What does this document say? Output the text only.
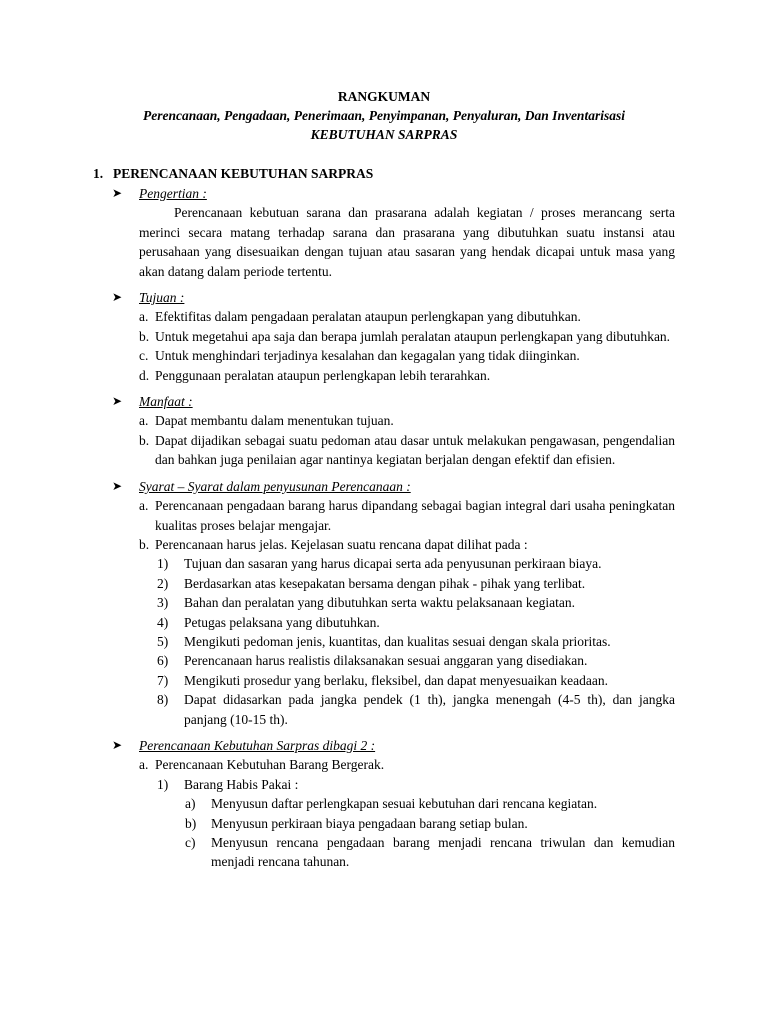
RANGKUMAN
Perencanaan, Pengadaan, Penerimaan, Penyimpanan, Penyaluran, Dan Inventarisasi
KEBUTUHAN SARPRAS
1. PERENCANAAN KEBUTUHAN SARPRAS
➤	Pengertian :
Perencanaan kebutuan sarana dan prasarana adalah kegiatan / proses merancang serta merinci secara matang terhadap sarana dan prasarana yang dibutuhkan suatu instansi atau perusahaan yang disesuaikan dengan tujuan atau sasaran yang hendak dicapai untuk masa yang akan datang dalam periode tertentu.
➤	Tujuan :
a. Efektifitas dalam pengadaan peralatan ataupun perlengkapan yang dibutuhkan.
b. Untuk megetahui apa saja dan berapa jumlah peralatan ataupun perlengkapan yang dibutuhkan.
c. Untuk menghindari terjadinya kesalahan dan kegagalan yang tidak diinginkan.
d. Penggunaan peralatan ataupun perlengkapan lebih terarahkan.
➤	Manfaat :
a. Dapat membantu dalam menentukan tujuan.
b. Dapat dijadikan sebagai suatu pedoman atau dasar untuk melakukan pengawasan, pengendalian dan bahkan juga penilaian agar nantinya kegiatan berjalan dengan efektif dan efisien.
➤	Syarat – Syarat dalam penyusunan Perencanaan :
a. Perencanaan pengadaan barang harus dipandang sebagai bagian integral dari usaha peningkatan kualitas proses belajar mengajar.
b. Perencanaan harus jelas. Kejelasan suatu rencana dapat dilihat pada :
1) Tujuan dan sasaran yang harus dicapai serta ada penyusunan perkiraan biaya.
2) Berdasarkan atas kesepakatan bersama dengan pihak - pihak yang terlibat.
3) Bahan dan peralatan yang dibutuhkan serta waktu pelaksanaan kegiatan.
4) Petugas pelaksana yang dibutuhkan.
5) Mengikuti pedoman jenis, kuantitas, dan kualitas sesuai dengan skala prioritas.
6) Perencanaan harus realistis dilaksanakan sesuai anggaran yang disediakan.
7) Mengikuti prosedur yang berlaku, fleksibel, dan dapat menyesuaikan keadaan.
8) Dapat didasarkan pada jangka pendek (1 th), jangka menengah (4-5 th), dan jangka panjang (10-15 th).
➤	Perencanaan Kebutuhan Sarpras dibagi 2 :
a. Perencanaan Kebutuhan Barang Bergerak.
1) Barang Habis Pakai :
a) Menyusun daftar perlengkapan sesuai kebutuhan dari rencana kegiatan.
b) Menyusun perkiraan biaya pengadaan barang setiap bulan.
c) Menyusun rencana pengadaan barang menjadi rencana triwulan dan kemudian menjadi rencana tahunan.
